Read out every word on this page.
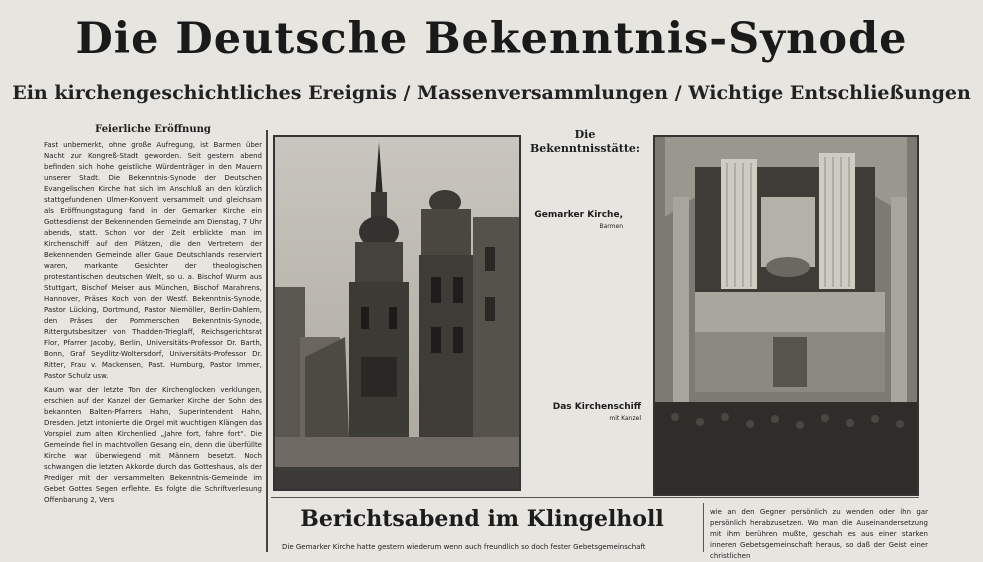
Die Deutsche Bekenntnis-Synode
Ein kirchengeschichtliches Ereignis / Massenversammlungen / Wichtige Entschließungen
Feierliche Eröffnung

Fast unbemerkt, ohne große Aufregung, ist Barmen über Nacht zur Kongreß-Stadt geworden. Seit gestern abend befinden sich hohe geistliche Würdenträger in den Mauern unserer Stadt. Die Bekenntnis-Synode der Deutschen Evangelischen Kirche hat sich im Anschluß an den kürzlich stattgefundenen Ulmer-Konvent versammelt und gleichsam als Eröffnungstagung fand in der Gemarker Kirche ein Gottesdienst der Bekennenden Gemeinde am Dienstag, 7 Uhr abends, statt. Schon vor der Zeit erblickte man im Kirchenschiff auf den Plätzen, die den Vertretern der Bekennenden Gemeinde aller Gaue Deutschlands reserviert waren, markante Gesichter der theologischen protestantischen deutschen Welt, so u. a. Bischof Wurm aus Stuttgart, Bischof Meiser aus München, Bischof Marahrens, Hannover, Präses Koch von der Westf. Bekenntnis-Synode, Pastor Lücking, Dortmund, Pastor Niemöller, Berlin-Dahlem, den Präses der Pommerschen Bekenntnis-Synode, Rittergutsbesitzer von Thadden-Trieglaff, Reichsgerichtsrat Flor, Pfarrer Jacoby, Berlin, Universitäts-Professor Dr. Barth, Bonn, Graf Seydlitz-Woltersdorf, Universitäts-Professor Dr. Ritter, Frau v. Mackensen, Past. Humburg, Pastor Immer, Pastor Schulz usw.

Kaum war der letzte Ton der Kirchenglocken verklungen, erschien auf der Kanzel der Gemarker Kirche der Sohn des bekannten Balten-Pfarrers Hahn, Superintendent Hahn, Dresden. Jetzt intonierte die Orgel mit wuchtigen Klängen das Vorspiel zum alten Kirchenlied „Jahre fort, fahre fort“. Die Gemeinde fiel in machtvollen Gesang ein, denn die überfüllte Kirche war überwiegend mit Männern besetzt. Noch schwangen die letzten Akkorde durch das Gotteshaus, als der Prediger mit der versammelten Bekenntnis-Gemeinde im Gebet Gottes Segen erflehte. Es folgte die Schriftverlesung Offenbarung 2, Vers

Die
Bekenntnisstätte:
Gemarker Kirche,
Barmen
Das Kirchenschiff
mit Kanzel
Berichtsabend im Klingelholl
Die Gemarker Kirche hatte gestern wiederum wenn auch freundlich so doch fester Gebetsgemeinschaft

wie an den Gegner persönlich zu wenden oder ihn gar persönlich herabzusetzen. Wo man die Auseinandersetzung mit ihm berühren mußte, geschah es aus einer starken inneren Gebetsgemeinschaft heraus, so daß der Geist einer christlichen
